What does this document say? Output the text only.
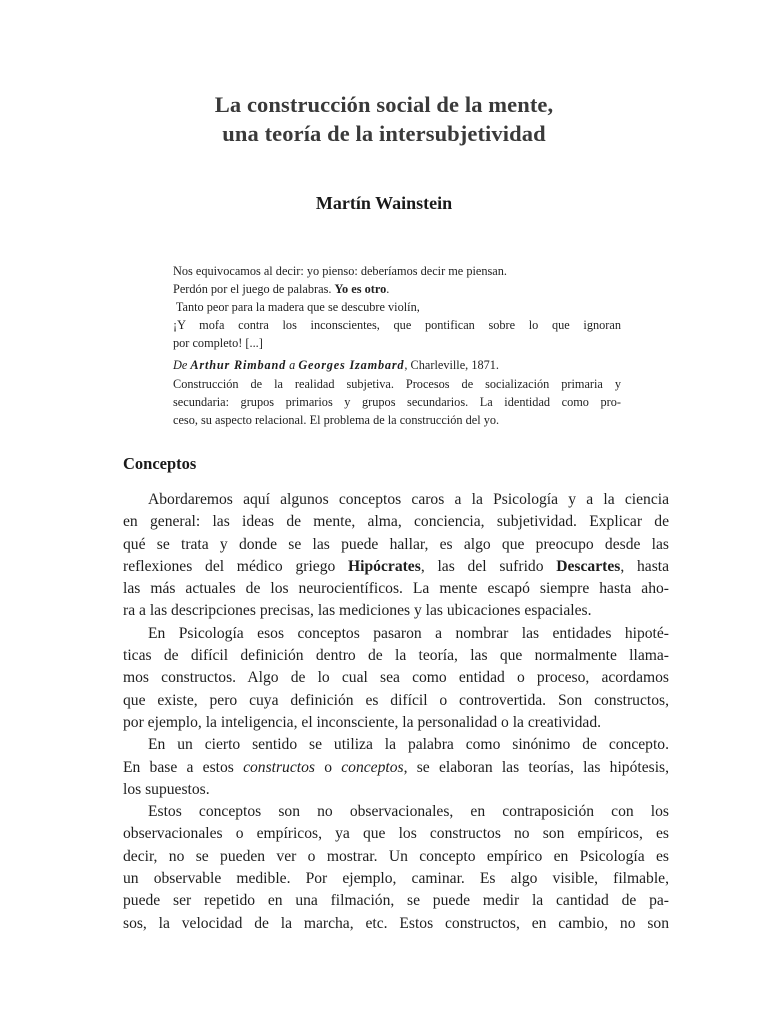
La construcción social de la mente,
una teoría de la intersubjetividad
Martín Wainstein
Nos equivocamos al decir: yo pienso: deberíamos decir me piensan.
Perdón por el juego de palabras. Yo es otro.
Tanto peor para la madera que se descubre violín,
¡Y mofa contra los inconscientes, que pontifican sobre lo que ignoran
por completo! [...]
De Arthur Rimband a Georges Izambard, Charleville, 1871.
Construcción de la realidad subjetiva. Procesos de socialización primaria y
secundaria: grupos primarios y grupos secundarios. La identidad como pro-
ceso, su aspecto relacional. El problema de la construcción del yo.
Conceptos
Abordaremos aquí algunos conceptos caros a la Psicología y a la ciencia
en general: las ideas de mente, alma, conciencia, subjetividad. Explicar de
qué se trata y donde se las puede hallar, es algo que preocupo desde las
reflexiones del médico griego Hipócrates, las del sufrido Descartes, hasta
las más actuales de los neurocientíficos. La mente escapó siempre hasta aho-
ra a las descripciones precisas, las mediciones y las ubicaciones espaciales.
En Psicología esos conceptos pasaron a nombrar las entidades hipoté-
ticas de difícil definición dentro de la teoría, las que normalmente llama-
mos constructos. Algo de lo cual sea como entidad o proceso, acordamos
que existe, pero cuya definición es difícil o controvertida. Son constructos,
por ejemplo, la inteligencia, el inconsciente, la personalidad o la creatividad.
En un cierto sentido se utiliza la palabra como sinónimo de concepto.
En base a estos constructos o conceptos, se elaboran las teorías, las hipótesis,
los supuestos.
Estos conceptos son no observacionales, en contraposición con los
observacionales o empíricos, ya que los constructos no son empíricos, es
decir, no se pueden ver o mostrar. Un concepto empírico en Psicología es
un observable medible. Por ejemplo, caminar. Es algo visible, filmable,
puede ser repetido en una filmación, se puede medir la cantidad de pa-
sos, la velocidad de la marcha, etc. Estos constructos, en cambio, no son
